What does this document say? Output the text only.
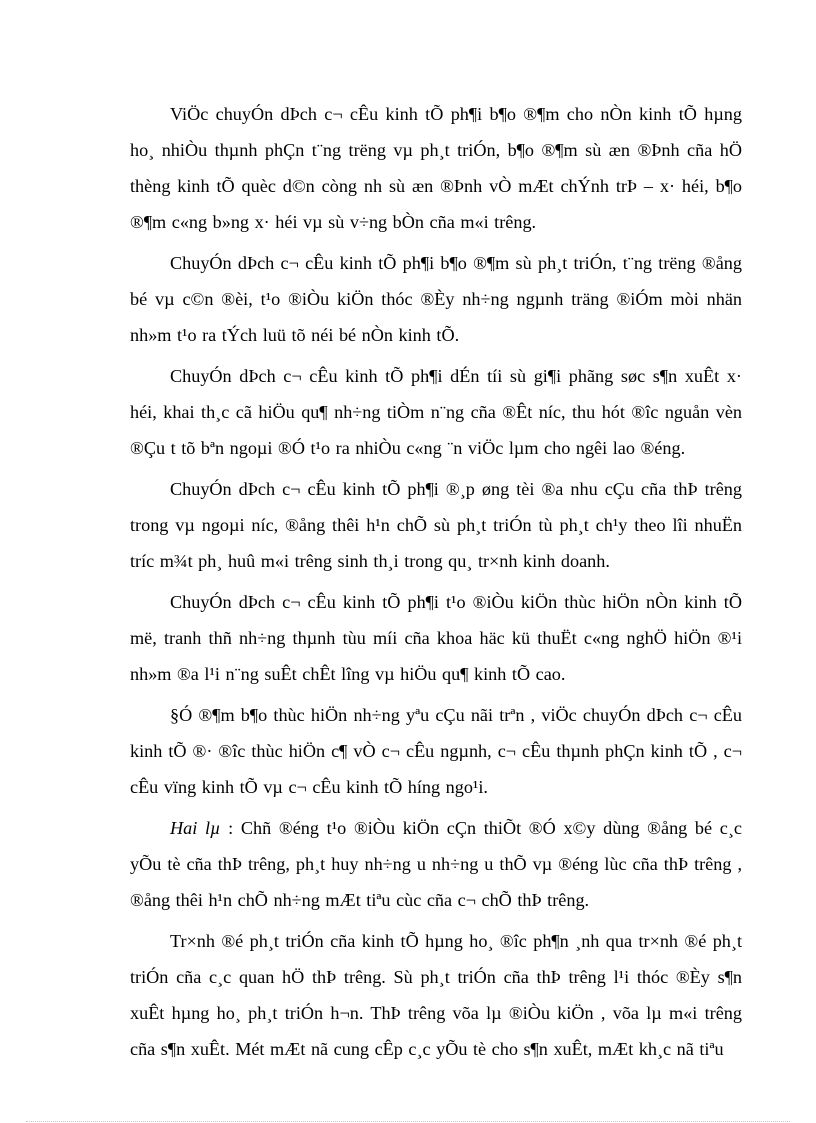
ViÖc chuyÓn dÞch c¬ cÊu kinh tÕ ph¶i b¶o ®¶m cho nÒn kinh tÕ hµng ho¸ nhiÒu thµnh phÇn t¨ng trëng vµ ph¸t triÓn, b¶o ®¶m sù æn ®Þnh cña hÖ thèng kinh tÕ quèc d©n còng nh sù æn ®Þnh vÒ mÆt chÝnh trÞ – x· héi, b¶o ®¶m c«ng b»ng x· héi vµ sù v÷ng bÒn cña m«i trêng.

ChuyÓn dÞch c¬ cÊu kinh tÕ ph¶i b¶o ®¶m sù ph¸t triÓn, t¨ng trëng ®ång bé vµ c©n ®èi, t¹o ®iÒu kiÖn thóc ®Èy nh÷ng ngµnh träng ®iÓm mòi nhän nh»m t¹o ra tÝch luü tõ néi bé nÒn kinh tÕ.

ChuyÓn dÞch c¬ cÊu kinh tÕ ph¶i dÉn tíi sù gi¶i phãng søc s¶n xuÊt x· héi, khai th¸c cã hiÖu qu¶ nh÷ng tiÒm n¨ng cña ®Êt níc, thu hót ®îc nguån vèn ®Çu t tõ bªn ngoµi ®Ó t¹o ra nhiÒu c«ng ¨n viÖc lµm cho ngêi lao ®éng.

ChuyÓn dÞch c¬ cÊu kinh tÕ ph¶i ®¸p øng tèi ®a nhu cÇu cña thÞ trêng trong vµ ngoµi níc, ®ång thêi h¹n chÕ sù ph¸t triÓn tù ph¸t ch¹y theo lîi nhuËn tríc m¾t ph¸ huû m«i trêng sinh th¸i trong qu¸ tr×nh kinh doanh.

ChuyÓn dÞch c¬ cÊu kinh tÕ ph¶i t¹o ®iÒu kiÖn thùc hiÖn nÒn kinh tÕ më, tranh thñ nh÷ng thµnh tùu míi cña khoa häc kü thuËt c«ng nghÖ hiÖn ®¹i nh»m ®a l¹i n¨ng suÊt chÊt lîng vµ hiÖu qu¶ kinh tÕ cao.

§Ó ®¶m b¶o thùc hiÖn nh÷ng yªu cÇu nãi trªn , viÖc chuyÓn dÞch c¬ cÊu kinh tÕ ®· ®îc thùc hiÖn c¶ vÒ c¬ cÊu ngµnh, c¬ cÊu thµnh phÇn kinh tÕ , c¬ cÊu vïng kinh tÕ vµ c¬ cÊu kinh tÕ híng ngo¹i.

Hai lµ : Chñ ®éng t¹o ®iÒu kiÖn cÇn thiÕt ®Ó x©y dùng ®ång bé c¸c yÕu tè cña thÞ trêng, ph¸t huy nh÷ng u nh÷ng u thÕ vµ ®éng lùc cña thÞ trêng , ®ång thêi h¹n chÕ nh÷ng mÆt tiªu cùc cña c¬ chÕ thÞ trêng.

Tr×nh ®é ph¸t triÓn cña kinh tÕ hµng ho¸ ®îc ph¶n ¸nh qua tr×nh ®é ph¸t triÓn cña c¸c quan hÖ thÞ trêng. Sù ph¸t triÓn cña thÞ trêng l¹i thóc ®Èy s¶n xuÊt hµng ho¸ ph¸t triÓn h¬n. ThÞ trêng võa lµ ®iÒu kiÖn , võa lµ m«i trêng cña s¶n xuÊt. Mét mÆt nã cung cÊp c¸c yÕu tè cho s¶n xuÊt, mÆt kh¸c nã tiªu
